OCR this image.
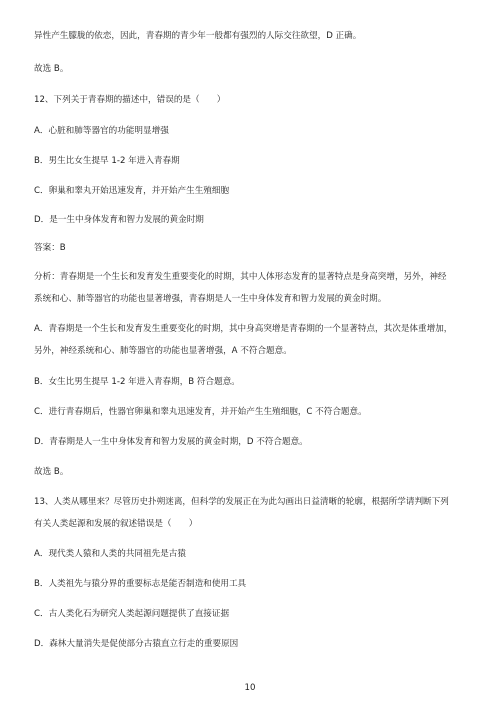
异性产生朦胧的依恋，因此，青春期的青少年一般都有强烈的人际交往欲望，D 正确。
故选 B。
12、下列关于青春期的描述中，错误的是（　　）
A．心脏和肺等器官的功能明显增强
B．男生比女生提早 1-2 年进入青春期
C．卵巢和睾丸开始迅速发育，并开始产生生殖细胞
D．是一生中身体发育和智力发展的黄金时期
答案：B
分析：青春期是一个生长和发育发生重要变化的时期，其中人体形态发育的显著特点是身高突增，另外，神经
系统和心、肺等器官的功能也显著增强，青春期是人一生中身体发育和智力发展的黄金时期。
A．青春期是一个生长和发育发生重要变化的时期，其中身高突增是青春期的一个显著特点，其次是体重增加，
另外，神经系统和心、肺等器官的功能也显著增强，A 不符合题意。
B．女生比男生提早 1-2 年进入青春期，B 符合题意。
C．进行青春期后，性器官卵巢和睾丸迅速发育，并开始产生生殖细胞，C 不符合题意。
D．青春期是人一生中身体发育和智力发展的黄金时期，D 不符合题意。
故选 B。
13、人类从哪里来？尽管历史扑朔迷离，但科学的发展正在为此勾画出日益清晰的轮廓，根据所学请判断下列
有关人类起源和发展的叙述错误是（　　）
A．现代类人猿和人类的共同祖先是古猿
B．人类祖先与猿分界的重要标志是能否制造和使用工具
C．古人类化石为研究人类起源问题提供了直接证据
D．森林大量消失是促使部分古猿直立行走的重要原因
10
